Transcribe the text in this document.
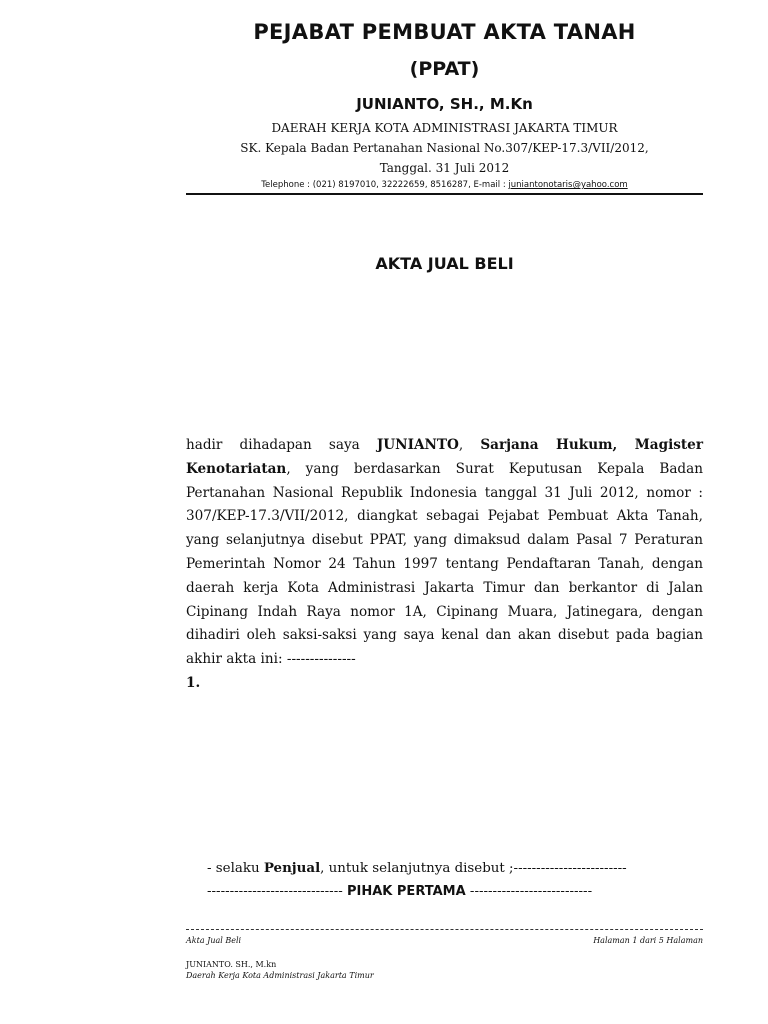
PEJABAT PEMBUAT AKTA TANAH
(PPAT)
JUNIANTO, SH., M.Kn
DAERAH KERJA KOTA ADMINISTRASI JAKARTA TIMUR
SK. Kepala Badan Pertanahan Nasional No.307/KEP-17.3/VII/2012,
Tanggal. 31 Juli 2012
Telephone : (021) 8197010, 32222659, 8516287, E-mail : juniantonotaris@yahoo.com
AKTA JUAL BELI
hadir dihadapan saya JUNIANTO, Sarjana Hukum, Magister Kenotariatan, yang berdasarkan Surat Keputusan Kepala Badan Pertanahan Nasional Republik Indonesia tanggal 31 Juli 2012, nomor : 307/KEP-17.3/VII/2012, diangkat sebagai Pejabat Pembuat Akta Tanah, yang selanjutnya disebut PPAT, yang dimaksud dalam Pasal 7 Peraturan Pemerintah Nomor 24 Tahun 1997 tentang Pendaftaran Tanah, dengan daerah kerja Kota Administrasi Jakarta Timur dan berkantor di Jalan Cipinang Indah Raya nomor 1A, Cipinang Muara, Jatinegara, dengan dihadiri oleh saksi-saksi yang saya kenal dan akan disebut pada bagian akhir akta ini: ---------------
1.
- selaku Penjual, untuk selanjutnya disebut ;-------------------------
------------------------------ PIHAK PERTAMA ---------------------------
Akta Jual Beli	Halaman 1 dari 5 Halaman
JUNIANTO. SH., M.kn
Daerah Kerja Kota Administrasi Jakarta Timur
